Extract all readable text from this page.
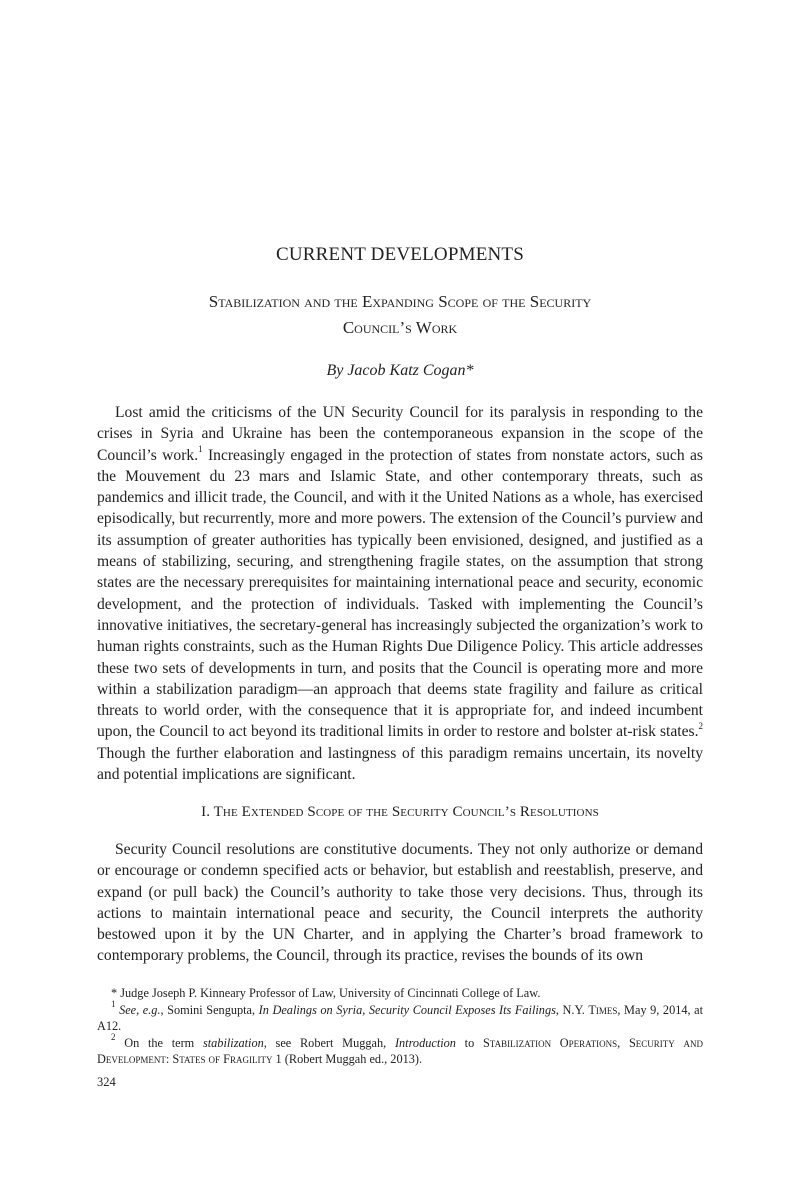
CURRENT DEVELOPMENTS
Stabilization and the Expanding Scope of the Security
Council’s Work
By Jacob Katz Cogan*

Lost amid the criticisms of the UN Security Council for its paralysis in responding to the crises in Syria and Ukraine has been the contemporaneous expansion in the scope of the Council’s work.$^1$ Increasingly engaged in the protection of states from nonstate actors, such as the Mouvement du 23 mars and Islamic State, and other contemporary threats, such as pandemics and illicit trade, the Council, and with it the United Nations as a whole, has exercised episodically, but recurrently, more and more powers. The extension of the Council’s purview and its assumption of greater authorities has typically been envisioned, designed, and justified as a means of stabilizing, securing, and strengthening fragile states, on the assumption that strong states are the necessary prerequisites for maintaining international peace and security, economic development, and the protection of individuals. Tasked with implementing the Council’s innovative initiatives, the secretary-general has increasingly subjected the organization’s work to human rights constraints, such as the Human Rights Due Diligence Policy. This article addresses these two sets of developments in turn, and posits that the Council is operating more and more within a stabilization paradigm—an approach that deems state fragility and failure as critical threats to world order, with the consequence that it is appropriate for, and indeed incumbent upon, the Council to act beyond its traditional limits in order to restore and bolster at-risk states.$^2$ Though the further elaboration and lastingness of this paradigm remains uncertain, its novelty and potential implications are significant.

I. The Extended Scope of the Security Council’s Resolutions

Security Council resolutions are constitutive documents. They not only authorize or demand or encourage or condemn specified acts or behavior, but establish and reestablish, preserve, and expand (or pull back) the Council’s authority to take those very decisions. Thus, through its actions to maintain international peace and security, the Council interprets the authority bestowed upon it by the UN Charter, and in applying the Charter’s broad framework to contemporary problems, the Council, through its practice, revises the bounds of its own

* Judge Joseph P. Kinneary Professor of Law, University of Cincinnati College of Law.

$^1$ See, e.g., Somini Sengupta, In Dealings on Syria, Security Council Exposes Its Failings, N.Y. Times, May 9, 2014, at A12.

$^2$ On the term stabilization, see Robert Muggah, Introduction to Stabilization Operations, Security and Development: States of Fragility 1 (Robert Muggah ed., 2013).

324
